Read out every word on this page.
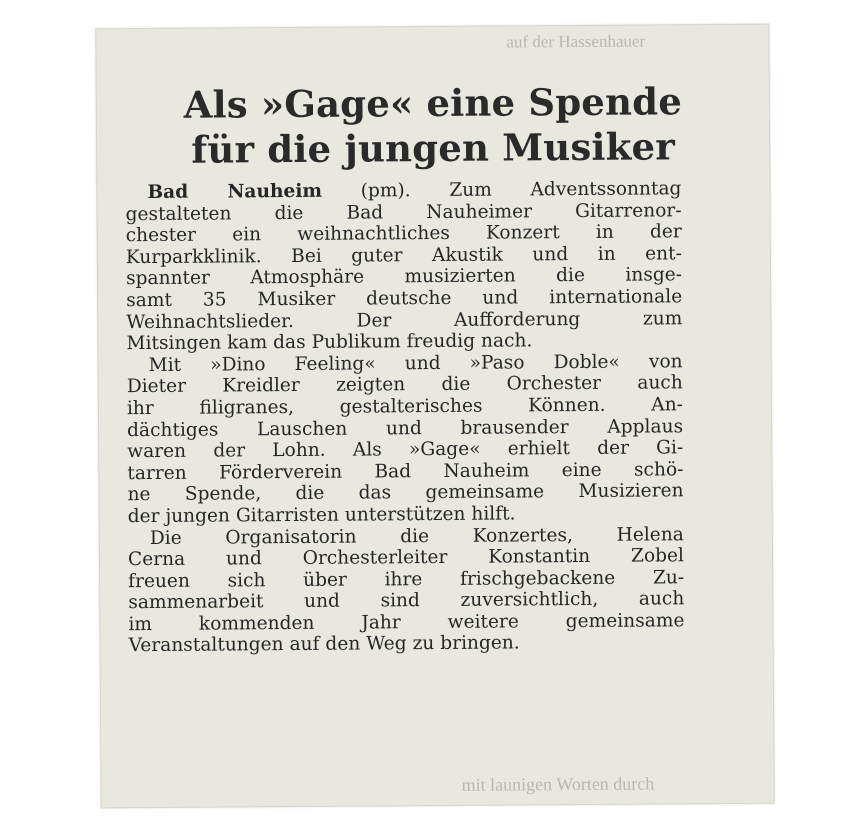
auf der Hassenhauer
Als »Gage« eine Spende
für die jungen Musiker
Bad Nauheim (pm). Zum Adventssonntag
gestalteten die Bad Nauheimer Gitarrenor-
chester ein weihnachtliches Konzert in der
Kurparkklinik. Bei guter Akustik und in ent-
spannter Atmosphäre musizierten die insge-
samt 35 Musiker deutsche und internationale
Weihnachtslieder. Der Aufforderung zum
Mitsingen kam das Publikum freudig nach.
Mit »Dino Feeling« und »Paso Doble« von
Dieter Kreidler zeigten die Orchester auch
ihr filigranes, gestalterisches Können. An-
dächtiges Lauschen und brausender Applaus
waren der Lohn. Als »Gage« erhielt der Gi-
tarren Förderverein Bad Nauheim eine schö-
ne Spende, die das gemeinsame Musizieren
der jungen Gitarristen unterstützen hilft.
Die Organisatorin die Konzertes, Helena
Cerna und Orchesterleiter Konstantin Zobel
freuen sich über ihre frischgebackene Zu-
sammenarbeit und sind zuversichtlich, auch
im kommenden Jahr weitere gemeinsame
Veranstaltungen auf den Weg zu bringen.
mit launigen Worten durch
